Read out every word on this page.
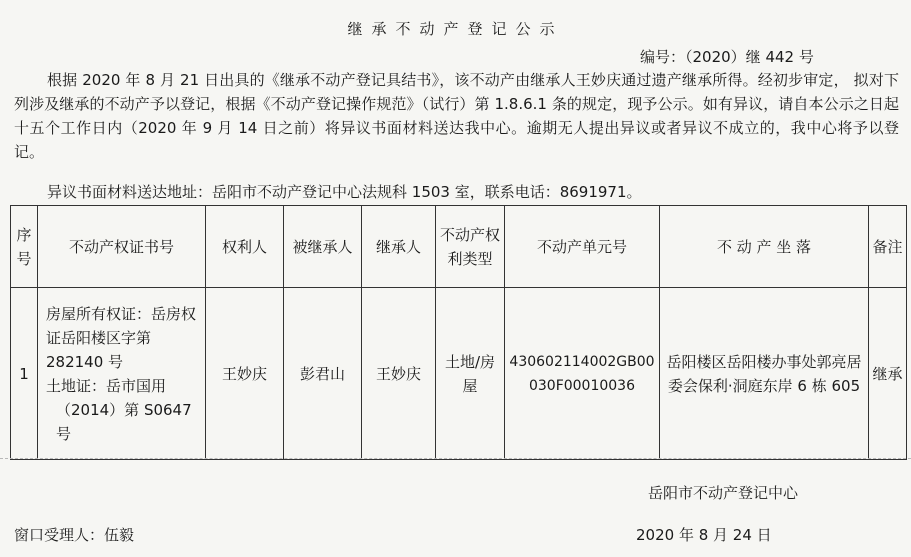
继承不动产登记公示
编号：（2020）继 442 号

根据 2020 年 8 月 21 日出具的《继承不动产登记具结书》，该不动产由继承人王妙庆通过遗产继承所得。经初步审定， 拟对下列涉及继承的不动产予以登记，根据《不动产登记操作规范》（试行）第 1.8.6.1 条的规定，现予公示。如有异议，请自本公示之日起十五个工作日内（2020 年 9 月 14 日之前）将异议书面材料送达我中心。逾期无人提出异议或者异议不成立的，我中心将予以登记。

异议书面材料送达地址：岳阳市不动产登记中心法规科 1503 室，联系电话：8691971。
序号	不动产权证书号	权利人	被继承人	继承人	不动产权利类型	不动产单元号	不 动 产 坐 落	备注
1	房屋所有权证：岳房权证岳阳楼区字第 282140 号
土地证：岳市国用
（2014）第 S0647 号	王妙庆	彭君山	王妙庆	土地/房屋	430602114002GB00030F00010036	岳阳楼区岳阳楼办事处郭亮居委会保利·洞庭东岸 6 栋 605	继承
岳阳市不动产登记中心
窗口受理人：伍毅	2020 年 8 月 24 日
